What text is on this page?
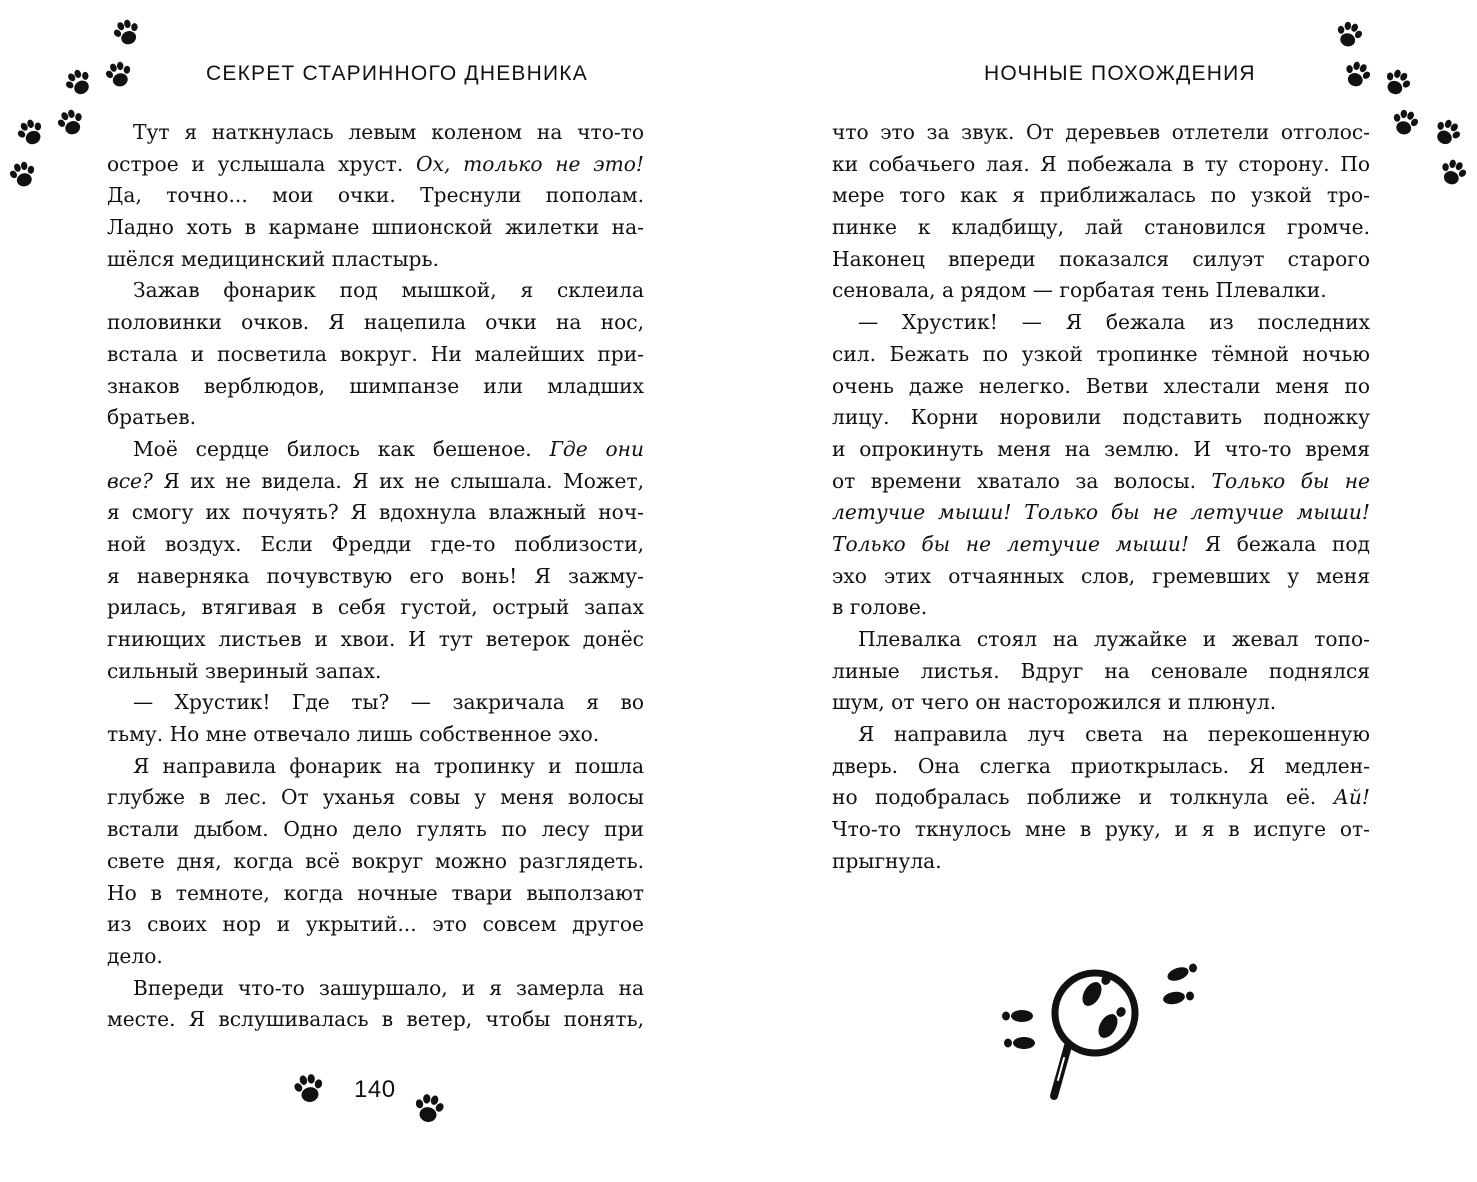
СЕКРЕТ СТАРИННОГО ДНЕВНИКА
Тут я наткнулась левым коленом на что-то
острое и услышала хруст. Ох, только не это!
Да, точно... мои очки. Треснули пополам.
Ладно хоть в кармане шпионской жилетки на-
шёлся медицинский пластырь.
Зажав фонарик под мышкой, я склеила
половинки очков. Я нацепила очки на нос,
встала и посветила вокруг. Ни малейших при-
знаков верблюдов, шимпанзе или младших
братьев.
Моё сердце билось как бешеное. Где они
все? Я их не видела. Я их не слышала. Может,
я смогу их почуять? Я вдохнула влажный ноч-
ной воздух. Если Фредди где-то поблизости,
я наверняка почувствую его вонь! Я зажму-
рилась, втягивая в себя густой, острый запах
гниющих листьев и хвои. И тут ветерок донёс
сильный звериный запах.
— Хрустик! Где ты? — закричала я во
тьму. Но мне отвечало лишь собственное эхо.
Я направила фонарик на тропинку и пошла
глубже в лес. От уханья совы у меня волосы
встали дыбом. Одно дело гулять по лесу при
свете дня, когда всё вокруг можно разглядеть.
Но в темноте, когда ночные твари выползают
из своих нор и укрытий... это совсем другое
дело.
Впереди что-то зашуршало, и я замерла на
месте. Я вслушивалась в ветер, чтобы понять,
140
НОЧНЫЕ ПОХОЖДЕНИЯ
что это за звук. От деревьев отлетели отголос-
ки собачьего лая. Я побежала в ту сторону. По
мере того как я приближалась по узкой тро-
пинке к кладбищу, лай становился громче.
Наконец впереди показался силуэт старого
сеновала, а рядом — горбатая тень Плевалки.
— Хрустик! — Я бежала из последних
сил. Бежать по узкой тропинке тёмной ночью
очень даже нелегко. Ветви хлестали меня по
лицу. Корни норовили подставить подножку
и опрокинуть меня на землю. И что-то время
от времени хватало за волосы. Только бы не
летучие мыши! Только бы не летучие мыши!
Только бы не летучие мыши! Я бежала под
эхо этих отчаянных слов, гремевших у меня
в голове.
Плевалка стоял на лужайке и жевал топо-
линые листья. Вдруг на сеновале поднялся
шум, от чего он насторожился и плюнул.
Я направила луч света на перекошенную
дверь. Она слегка приоткрылась. Я медлен-
но подобралась поближе и толкнула её. Ай!
Что-то ткнулось мне в руку, и я в испуге от-
прыгнула.
